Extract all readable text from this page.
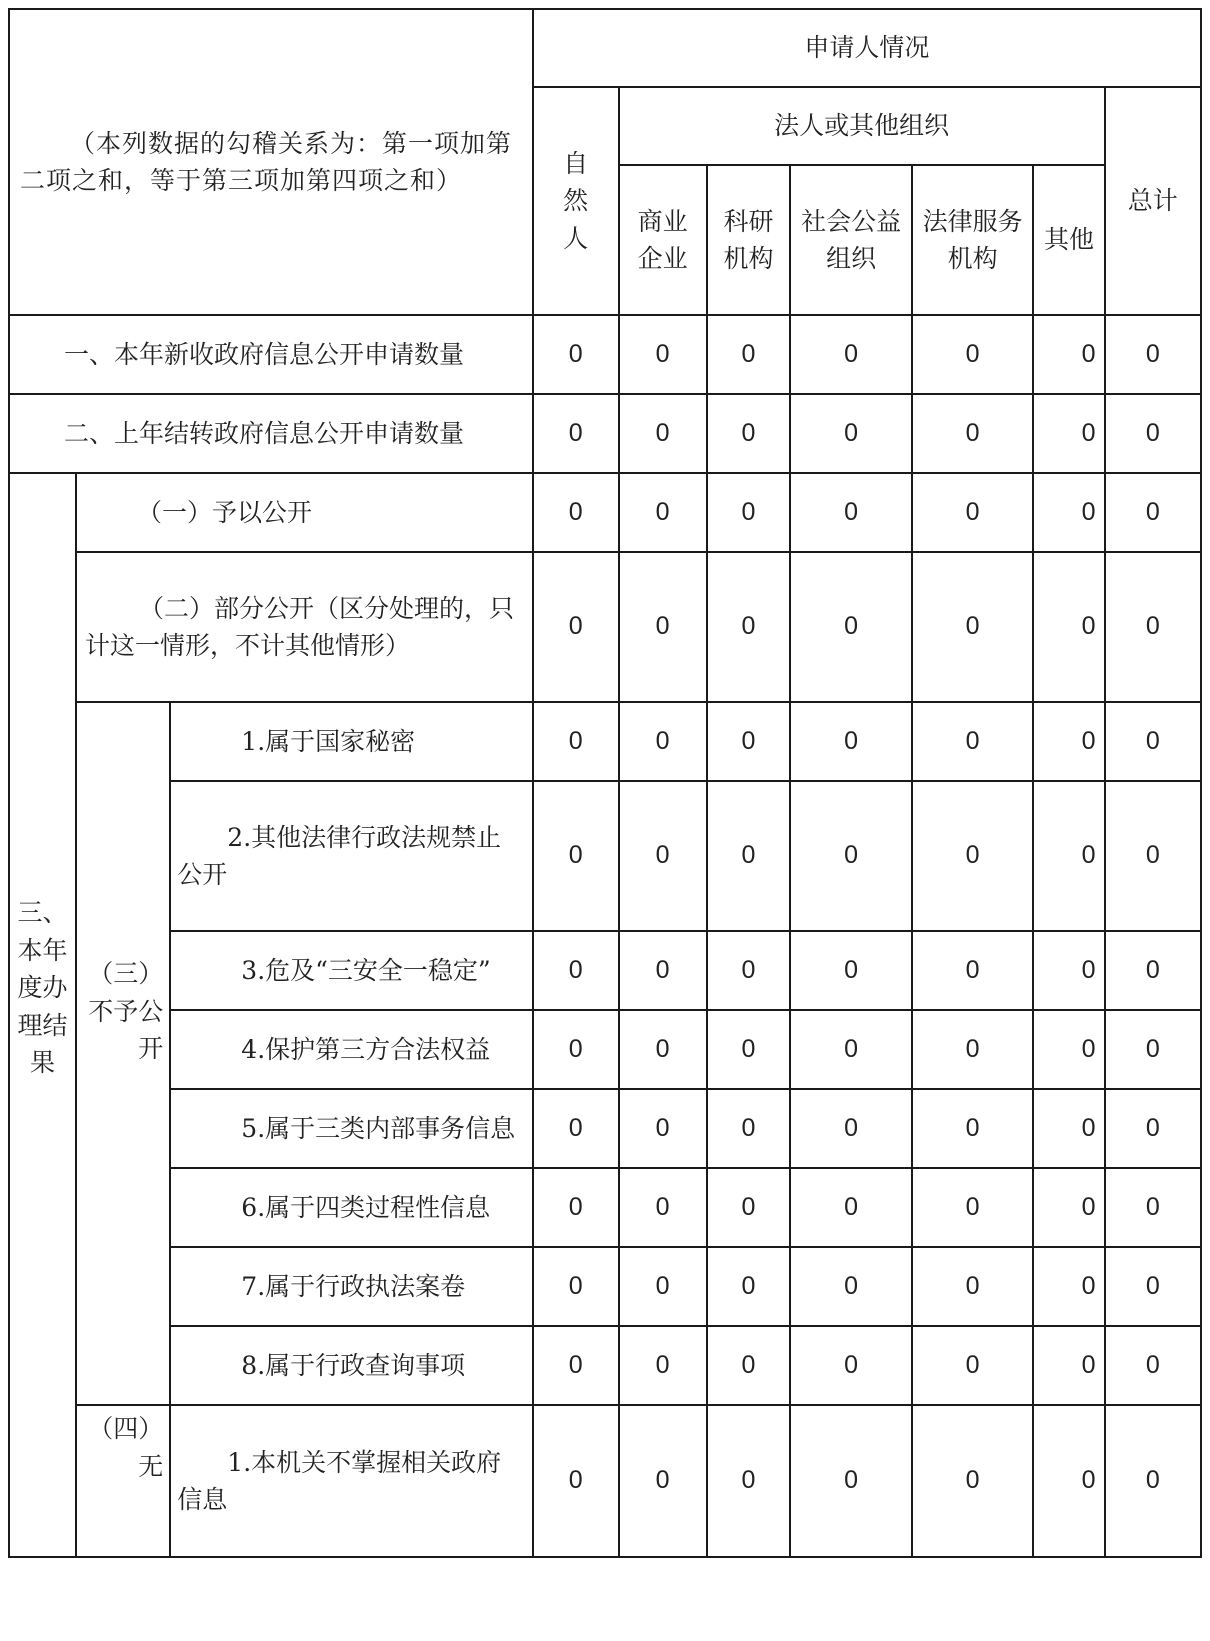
（本列数据的勾稽关系为：第一项加第二项之和，等于第三项加第四项之和）			申请人情况						
			自然人	法人或其他组织					总计
				商业企业	科研机构	社会公益组织	法律服务机构	其他	
一、本年新收政府信息公开申请数量			0	0	0	0	0	0	0
二、上年结转政府信息公开申请数量			0	0	0	0	0	0	0
三、本年度办理结果	（一）予以公开		0	0	0	0	0	0	0
	（二）部分公开（区分处理的，只计这一情形，不计其他情形）		0	0	0	0	0	0	0
	（三）不予公开	1.属于国家秘密	0	0	0	0	0	0	0
		2.其他法律行政法规禁止公开	0	0	0	0	0	0	0
		3.危及“三安全一稳定”	0	0	0	0	0	0	0
		4.保护第三方合法权益	0	0	0	0	0	0	0
		5.属于三类内部事务信息	0	0	0	0	0	0	0
		6.属于四类过程性信息	0	0	0	0	0	0	0
		7.属于行政执法案卷	0	0	0	0	0	0	0
		8.属于行政查询事项	0	0	0	0	0	0	0
	（四）无	1.本机关不掌握相关政府信息	0	0	0	0	0	0	0
